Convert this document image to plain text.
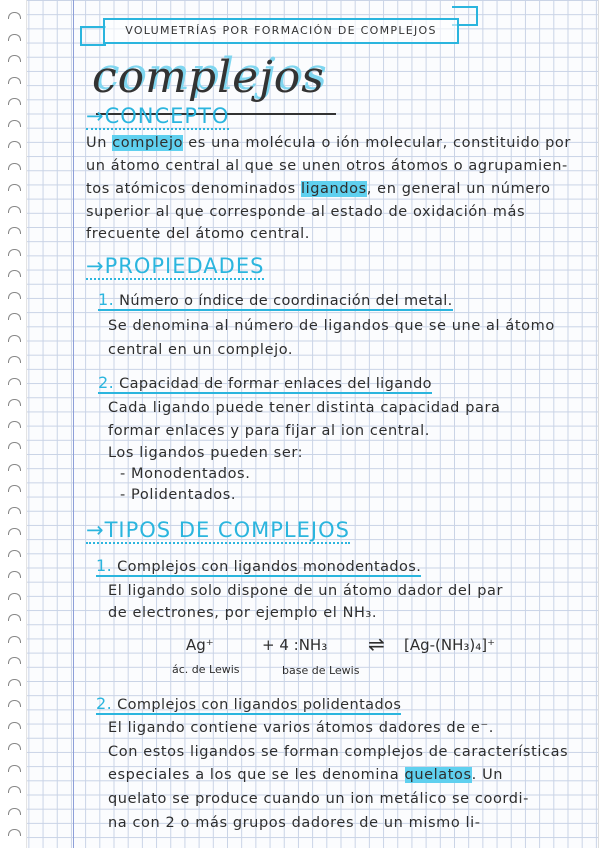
VOLUMETRÍAS POR FORMACIÓN DE COMPLEJOS
complejos
→CONCEPTO
Un complejo es una molécula o ión molecular, constituido por
un átomo central al que se unen otros átomos o agrupamien-
tos atómicos denominados ligandos, en general un número
superior al que corresponde al estado de oxidación más
frecuente del átomo central.
→PROPIEDADES
1. Número o índice de coordinación del metal.
Se denomina al número de ligandos que se une al átomo
central en un complejo.
2. Capacidad de formar enlaces del ligando
Cada ligando puede tener distinta capacidad para
formar enlaces y para fijar al ion central.
Los ligandos pueden ser:
- Monodentados.
- Polidentados.
→TIPOS DE COMPLEJOS
1. Complejos con ligandos monodentados.
El ligando solo dispone de un átomo dador del par
de electrones, por ejemplo el NH₃.
Ag⁺	+ 4 :NH₃ ⇌ [Ag-(NH₃)₄]⁺
ác. de Lewis	base de Lewis
2. Complejos con ligandos polidentados
El ligando contiene varios átomos dadores de e⁻.
Con estos ligandos se forman complejos de características
especiales a los que se les denomina quelatos. Un
quelato se produce cuando un ion metálico se coordi-
na con 2 o más grupos dadores de un mismo li-
